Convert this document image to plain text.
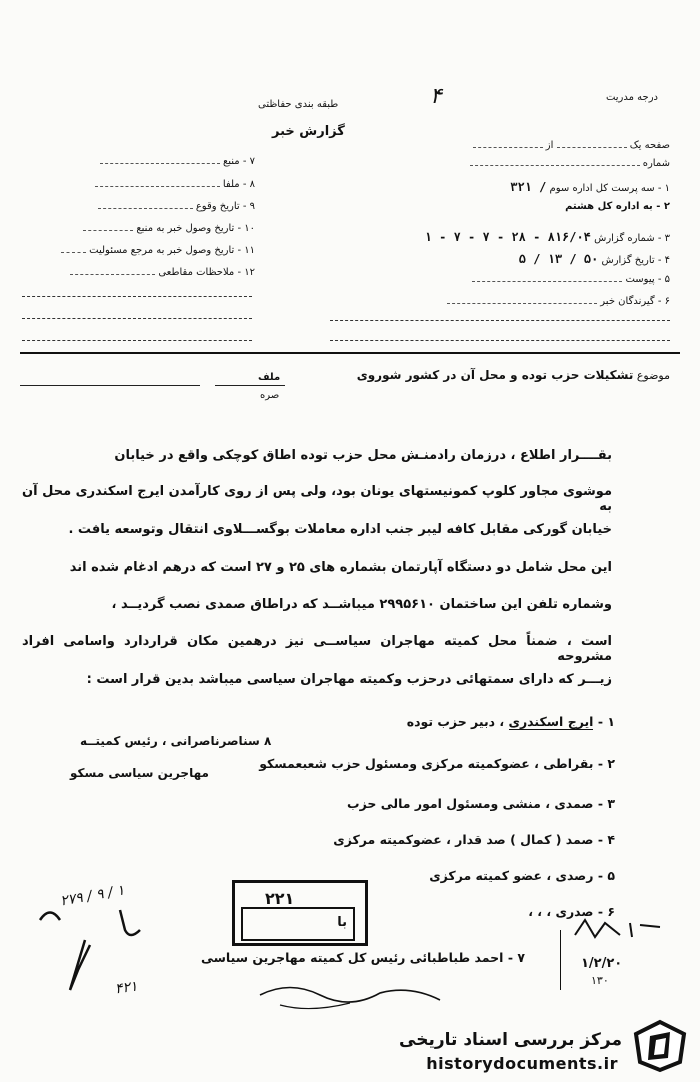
درجه مدریت
طبقه بندی حفاظتی
گزارش خبر
۴
صفحه یک  از
شماره
۱ - سه پرست کل اداره سوم / ۳۲۱
۲ - به اداره کل هشتم
۳ - شماره گزارش ۸۱۶/۰۴ - ۲۸ - ۷ - ۷ - ۱
۴ - تاریخ گزارش ۵۰ / ۱۳ / ۵
۵ - پیوست
۶ - گیرندگان خبر
۷ - منبع
۸ - ملفا
۹ - تاریخ وقوع
۱۰ - تاریخ وصول خبر به منبع
۱۱ - تاریخ وصول خبر به مرجع مسئولیت
۱۲ - ملاحظات مقاطعی
موضوع تشکیلات حزب توده و محل آن در کشور شوروی
ملف
صره
بقــــرار اطلاع ، درزمان رادمنـش محل حزب توده اطاق کوچکی واقع در خیابان
موشوی مجاور کلوپ کمونیستهای یونان بود، ولی پس از روی کارآمدن ایرج اسکندری محل آن به
خیابان گورکی مقابل کافه لیبر جنب اداره معاملات بوگســـلاوی انتقال وتوسعه یافت .
این محل شامل دو دستگاه آپارتمان بشماره های ۲۵ و ۲۷ است که درهم ادغام شده اند
وشماره تلفن این ساختمان ۲۹۹۵۶۱۰ میباشــد که دراطاق صمدی نصب گردیــد ،
است ، ضمناً محل کمیته مهاجران سیاســی نیز درهمین مکان قراردارد واسامی افراد مشروحه
زیـــر که دارای سمتهائی درحزب وکمیته مهاجران سیاسی میباشد بدین قرار است :
۱ - ایرج اسکندری ، دبیر حزب توده
۸ سناصرناصرانی ، رئیس کمیتــه
۲ - بقراطی ، عضوکمیته مرکزی ومسئول حزب شعبعمسکو
مهاجرین سیاسی مسکو
۳ - صمدی ، منشی ومسئول امور مالی حزب
۴ - صمد ( کمال ) صد قدار ، عضوکمیته مرکزی
۵ - رصدی ، عضو کمیته مرکزی
۶ - صدری ، ، ،
۷ - احمد طباطبائی رئیس کل کمیته مهاجرین سیاسی
۲۲۱
با
۱/۲/۲۰
۱۳۰
۲۷۹ / ۹ / ۱
۴۲۱
مرکز بررسی اسناد تاریخی
historydocuments.ir
